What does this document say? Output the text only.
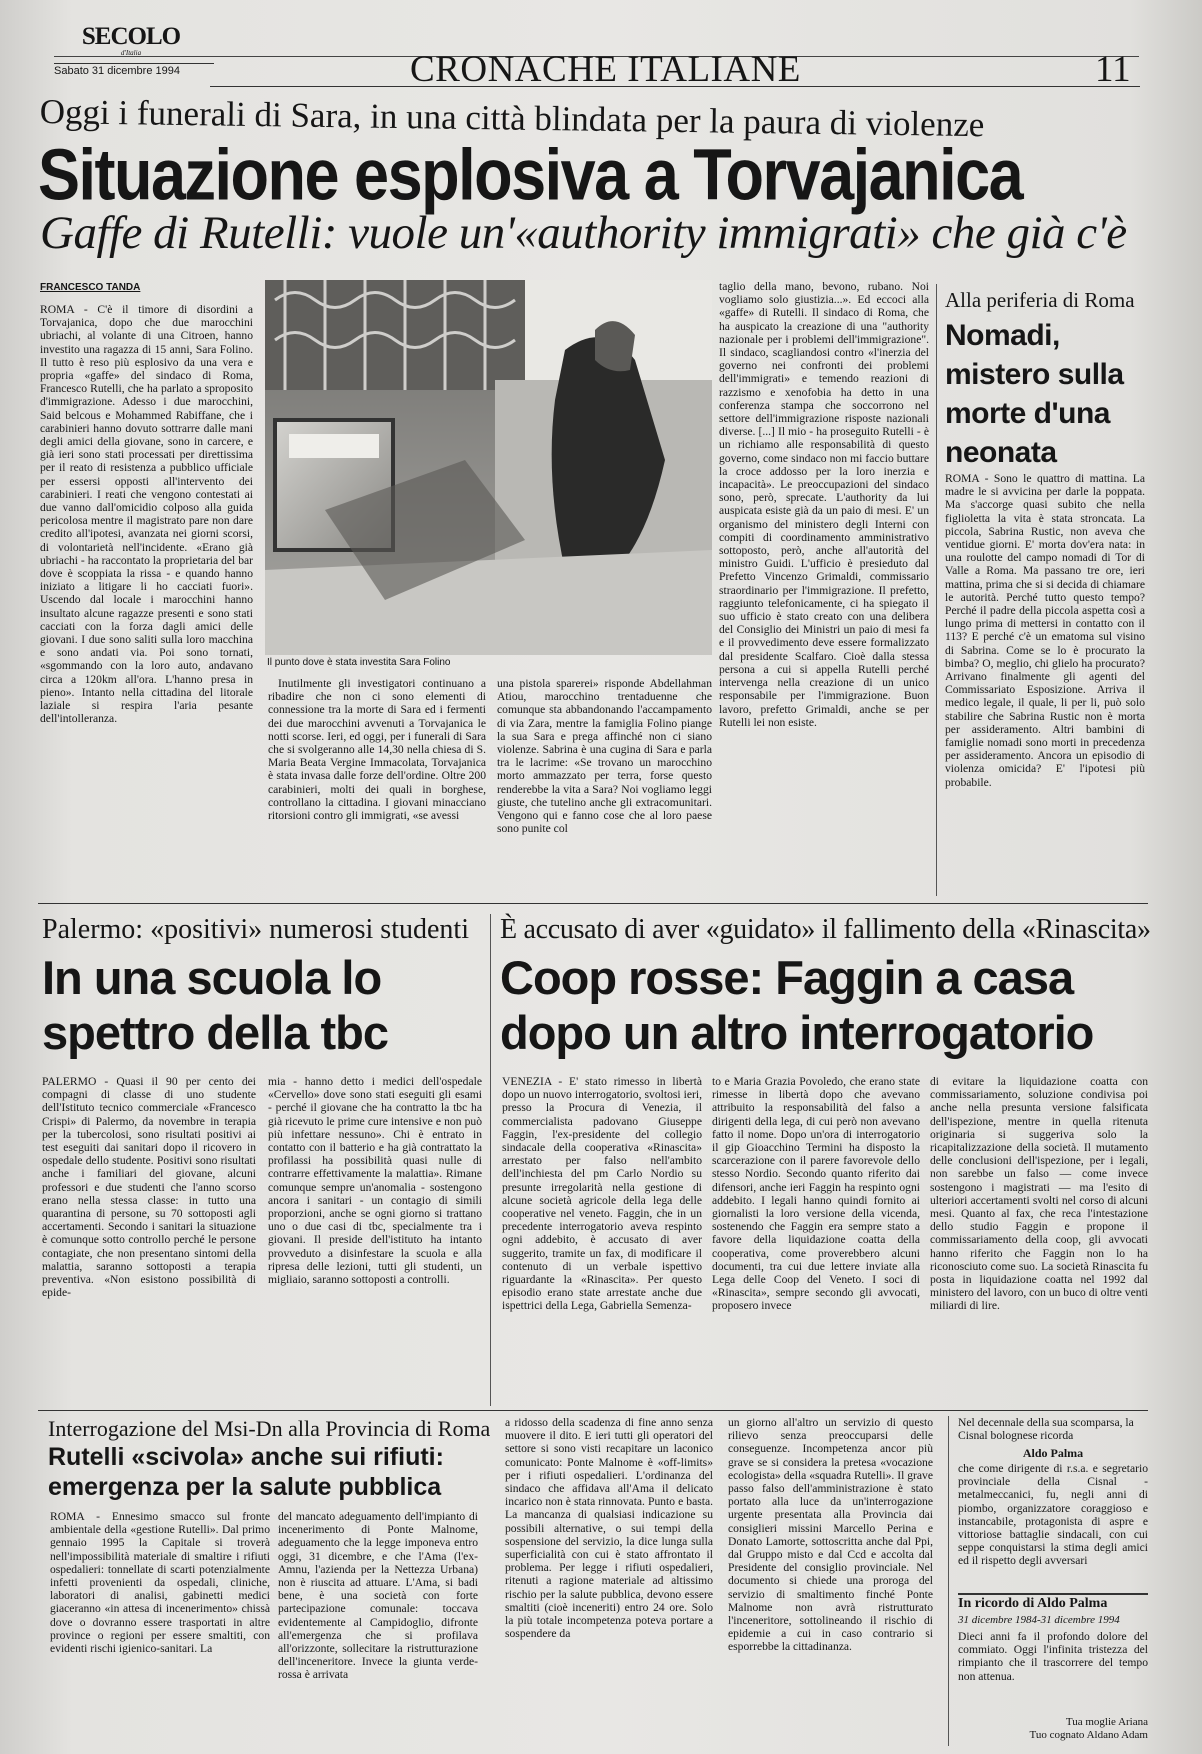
SECOLO
d'Italia
Sabato 31 dicembre 1994	CRONACHE ITALIANE	11
Oggi i funerali di Sara, in una città blindata per la paura di violenze
Situazione esplosiva a Torvajanica
Gaffe di Rutelli: vuole un'«authority immigrati» che già c'è
FRANCESCO TANDA

ROMA - C'è il timore di disordini a Torvajanica, dopo che due marocchini ubriachi, al volante di una Citroen, hanno investito una ragazza di 15 anni, Sara Folino. Il tutto è reso più esplosivo da una vera e propria «gaffe» del sindaco di Roma, Francesco Rutelli, che ha parlato a sproposito d'immigrazione. Adesso i due marocchini, Said belcous e Mohammed Rabiffane, che i carabinieri hanno dovuto sottrarre dalle mani degli amici della giovane, sono in carcere, e già ieri sono stati processati per direttissima per il reato di resistenza a pubblico ufficiale per essersi opposti all'intervento dei carabinieri. I reati che vengono contestati ai due vanno dall'omicidio colposo alla guida pericolosa mentre il magistrato pare non dare credito all'ipotesi, avanzata nei giorni scorsi, di volontarietà nell'incidente. «Erano già ubriachi - ha raccontato la proprietaria del bar dove è scoppiata la rissa - e quando hanno iniziato a litigare li ho cacciati fuori». Uscendo dal locale i marocchini hanno insultato alcune ragazze presenti e sono stati cacciati con la forza dagli amici delle giovani. I due sono saliti sulla loro macchina e sono andati via. Poi sono tornati, «sgommando con la loro auto, andavano circa a 120km all'ora. L'hanno presa in pieno». Intanto nella cittadina del litorale laziale si respira l'aria pesante dell'intolleranza.

Il punto dove è stata investita Sara Folino

Inutilmente gli investigatori continuano a ribadire che non ci sono elementi di connessione tra la morte di Sara ed i fermenti dei due marocchini avvenuti a Torvajanica le notti scorse. Ieri, ed oggi, per i funerali di Sara che si svolgeranno alle 14,30 nella chiesa di S. Maria Beata Vergine Immacolata, Torvajanica è stata invasa dalle forze dell'ordine. Oltre 200 carabinieri, molti dei quali in borghese, controllano la cittadina. I giovani minacciano ritorsioni contro gli immigrati, «se avessi

una pistola sparerei» risponde Abdellahman Atiou, marocchino trentaduenne che comunque sta abbandonando l'accampamento di via Zara, mentre la famiglia Folino piange la sua Sara e prega affinché non ci siano violenze. Sabrina è una cugina di Sara e parla tra le lacrime: «Se trovano un marocchino morto ammazzato per terra, forse questo renderebbe la vita a Sara? Noi vogliamo leggi giuste, che tutelino anche gli extracomunitari. Vengono qui e fanno cose che al loro paese sono punite col

taglio della mano, bevono, rubano. Noi vogliamo solo giustizia...». Ed eccoci alla «gaffe» di Rutelli. Il sindaco di Roma, che ha auspicato la creazione di una "authority nazionale per i problemi dell'immigrazione". Il sindaco, scagliandosi contro «l'inerzia del governo nei confronti dei problemi dell'immigrati» e temendo reazioni di razzismo e xenofobia ha detto in una conferenza stampa che soccorrono nel settore dell'immigrazione risposte nazionali diverse. [...] Il mio - ha proseguito Rutelli - è un richiamo alle responsabilità di questo governo, come sindaco non mi faccio buttare la croce addosso per la loro inerzia e incapacità». Le preoccupazioni del sindaco sono, però, sprecate. L'authority da lui auspicata esiste già da un paio di mesi. E' un organismo del ministero degli Interni con compiti di coordinamento amministrativo sottoposto, però, anche all'autorità del ministro Guidi. L'ufficio è presieduto dal Prefetto Vincenzo Grimaldi, commissario straordinario per l'immigrazione. Il prefetto, raggiunto telefonicamente, ci ha spiegato il suo ufficio è stato creato con una delibera del Consiglio dei Ministri un paio di mesi fa e il provvedimento deve essere formalizzato dal presidente Scalfaro. Cioè dalla stessa persona a cui si appella Rutelli perché intervenga nella creazione di un unico responsabile per l'immigrazione. Buon lavoro, prefetto Grimaldi, anche se per Rutelli lei non esiste.

Alla periferia di Roma
Nomadi, mistero sulla morte d'una neonata

ROMA - Sono le quattro di mattina. La madre le si avvicina per darle la poppata. Ma s'accorge quasi subito che nella figlioletta la vita è stata stroncata. La piccola, Sabrina Rustic, non aveva che ventidue giorni. E' morta dov'era nata: in una roulotte del campo nomadi di Tor di Valle a Roma. Ma passano tre ore, ieri mattina, prima che si si decida di chiamare le autorità. Perché tutto questo tempo? Perché il padre della piccola aspetta così a lungo prima di mettersi in contatto con il 113? E perché c'è un ematoma sul visino di Sabrina. Come se lo è procurato la bimba? O, meglio, chi glielo ha procurato? Arrivano finalmente gli agenti del Commissariato Esposizione. Arriva il medico legale, il quale, li per li, può solo stabilire che Sabrina Rustic non è morta per assideramento. Altri bambini di famiglie nomadi sono morti in precedenza per assideramento. Ancora un episodio di violenza omicida? E' l'ipotesi più probabile.

Palermo: «positivi» numerosi studenti
In una scuola lo spettro della tbc

PALERMO - Quasi il 90 per cento dei compagni di classe di uno studente dell'Istituto tecnico commerciale «Francesco Crispi» di Palermo, da novembre in terapia per la tubercolosi, sono risultati positivi ai test eseguiti dai sanitari dopo il ricovero in ospedale dello studente. Positivi sono risultati anche i familiari del giovane, alcuni professori e due studenti che l'anno scorso erano nella stessa classe: in tutto una quarantina di persone, su 70 sottoposti agli accertamenti. Secondo i sanitari la situazione è comunque sotto controllo perché le persone contagiate, che non presentano sintomi della malattia, saranno sottoposti a terapia preventiva. «Non esistono possibilità di epide-

mia - hanno detto i medici dell'ospedale «Cervello» dove sono stati eseguiti gli esami - perché il giovane che ha contratto la tbc ha già ricevuto le prime cure intensive e non può più infettare nessuno». Chi è entrato in contatto con il batterio e ha già contrattato la profilassi ha possibilità quasi nulle di contrarre effettivamente la malattia». Rimane comunque sempre un'anomalia - sostengono ancora i sanitari - un contagio di simili proporzioni, anche se ogni giorno si trattano uno o due casi di tbc, specialmente tra i giovani. Il preside dell'istituto ha intanto provveduto a disinfestare la scuola e alla ripresa delle lezioni, tutti gli studenti, un migliaio, saranno sottoposti a controlli.

È accusato di aver «guidato» il fallimento della «Rinascita»
Coop rosse: Faggin a casa dopo un altro interrogatorio

VENEZIA - E' stato rimesso in libertà dopo un nuovo interrogatorio, svoltosi ieri, presso la Procura di Venezia, il commercialista padovano Giuseppe Faggin, l'ex-presidente del collegio sindacale della cooperativa «Rinascita» arrestato per falso nell'ambito dell'inchiesta del pm Carlo Nordio su presunte irregolarità nella gestione di alcune società agricole della lega delle cooperative nel veneto. Faggin, che in un precedente interrogatorio aveva respinto ogni addebito, è accusato di aver suggerito, tramite un fax, di modificare il contenuto di un verbale ispettivo riguardante la «Rinascita». Per questo episodio erano state arrestate anche due ispettrici della Lega, Gabriella Semenza-

to e Maria Grazia Povoledo, che erano state rimesse in libertà dopo che avevano attribuito la responsabilità del falso a dirigenti della lega, di cui però non avevano fatto il nome. Dopo un'ora di interrogatorio il gip Gioacchino Termini ha disposto la scarcerazione con il parere favorevole dello stesso Nordio. Secondo quanto riferito dai difensori, anche ieri Faggin ha respinto ogni addebito. I legali hanno quindi fornito ai giornalisti la loro versione della vicenda, sostenendo che Faggin era sempre stato a favore della liquidazione coatta della cooperativa, come proverebbero alcuni documenti, tra cui due lettere inviate alla Lega delle Coop del Veneto. I soci di «Rinascita», sempre secondo gli avvocati, proposero invece

di evitare la liquidazione coatta con commissariamento, soluzione condivisa poi anche nella presunta versione falsificata dell'ispezione, mentre in quella ritenuta originaria si suggeriva solo la ricapitalizzazione della società. Il mutamento delle conclusioni dell'ispezione, per i legali, non sarebbe un falso — come invece sostengono i magistrati — ma l'esito di ulteriori accertamenti svolti nel corso di alcuni mesi. Quanto al fax, che reca l'intestazione dello studio Faggin e propone il commissariamento della coop, gli avvocati hanno riferito che Faggin non lo ha riconosciuto come suo. La società Rinascita fu posta in liquidazione coatta nel 1992 dal ministero del lavoro, con un buco di oltre venti miliardi di lire.

Interrogazione del Msi-Dn alla Provincia di Roma
Rutelli «scivola» anche sui rifiuti:
emergenza per la salute pubblica

ROMA - Ennesimo smacco sul fronte ambientale della «gestione Rutelli». Dal primo gennaio 1995 la Capitale si troverà nell'impossibilità materiale di smaltire i rifiuti ospedalieri: tonnellate di scarti potenzialmente infetti provenienti da ospedali, cliniche, laboratori di analisi, gabinetti medici giaceranno «in attesa di incenerimento» chissà dove o dovranno essere trasportati in altre province o regioni per essere smaltiti, con evidenti rischi igienico-sanitari. La

del mancato adeguamento dell'impianto di incenerimento di Ponte Malnome, adeguamento che la legge imponeva entro oggi, 31 dicembre, e che l'Ama (l'ex-Amnu, l'azienda per la Nettezza Urbana) non è riuscita ad attuare. L'Ama, si badi bene, è una società con forte partecipazione comunale: toccava evidentemente al Campidoglio, difronte all'emergenza che si profilava all'orizzonte, sollecitare la ristrutturazione dell'inceneritore. Invece la giunta verde-rossa è arrivata

a ridosso della scadenza di fine anno senza muovere il dito. E ieri tutti gli operatori del settore si sono visti recapitare un laconico comunicato: Ponte Malnome è «off-limits» per i rifiuti ospedalieri. L'ordinanza del sindaco che affidava all'Ama il delicato incarico non è stata rinnovata. Punto e basta. La mancanza di qualsiasi indicazione su possibili alternative, o sui tempi della sospensione del servizio, la dice lunga sulla superficialità con cui è stato affrontato il problema. Per legge i rifiuti ospedalieri, ritenuti a ragione materiale ad altissimo rischio per la salute pubblica, devono essere smaltiti (cioè inceneriti) entro 24 ore. Solo la più totale incompetenza poteva portare a sospendere da

un giorno all'altro un servizio di questo rilievo senza preoccuparsi delle conseguenze. Incompetenza ancor più grave se si considera la pretesa «vocazione ecologista» della «squadra Rutelli». Il grave passo falso dell'amministrazione è stato portato alla luce da un'interrogazione urgente presentata alla Provincia dai consiglieri missini Marcello Perina e Donato Lamorte, sottoscritta anche dal Ppi, dal Gruppo misto e dal Ccd e accolta dal Presidente del consiglio provinciale. Nel documento si chiede una proroga del servizio di smaltimento finché Ponte Malnome non avrà ristrutturato l'inceneritore, sottolineando il rischio di epidemie a cui in caso contrario si esporrebbe la cittadinanza.

Nel decennale della sua scomparsa, la Cisnal bolognese ricorda

Aldo Palma

che come dirigente di r.s.a. e segretario provinciale della Cisnal - metalmeccanici, fu, negli anni di piombo, organizzatore coraggioso e instancabile, protagonista di aspre e vittoriose battaglie sindacali, con cui seppe conquistarsi la stima degli amici ed il rispetto degli avversari

In ricordo di Aldo Palma
31 dicembre 1984-31 dicembre 1994

Dieci anni fa il profondo dolore del commiato. Oggi l'infinita tristezza del rimpianto che il trascorrere del tempo non attenua.

Tua moglie Ariana
Tuo cognato Aldano Adam
